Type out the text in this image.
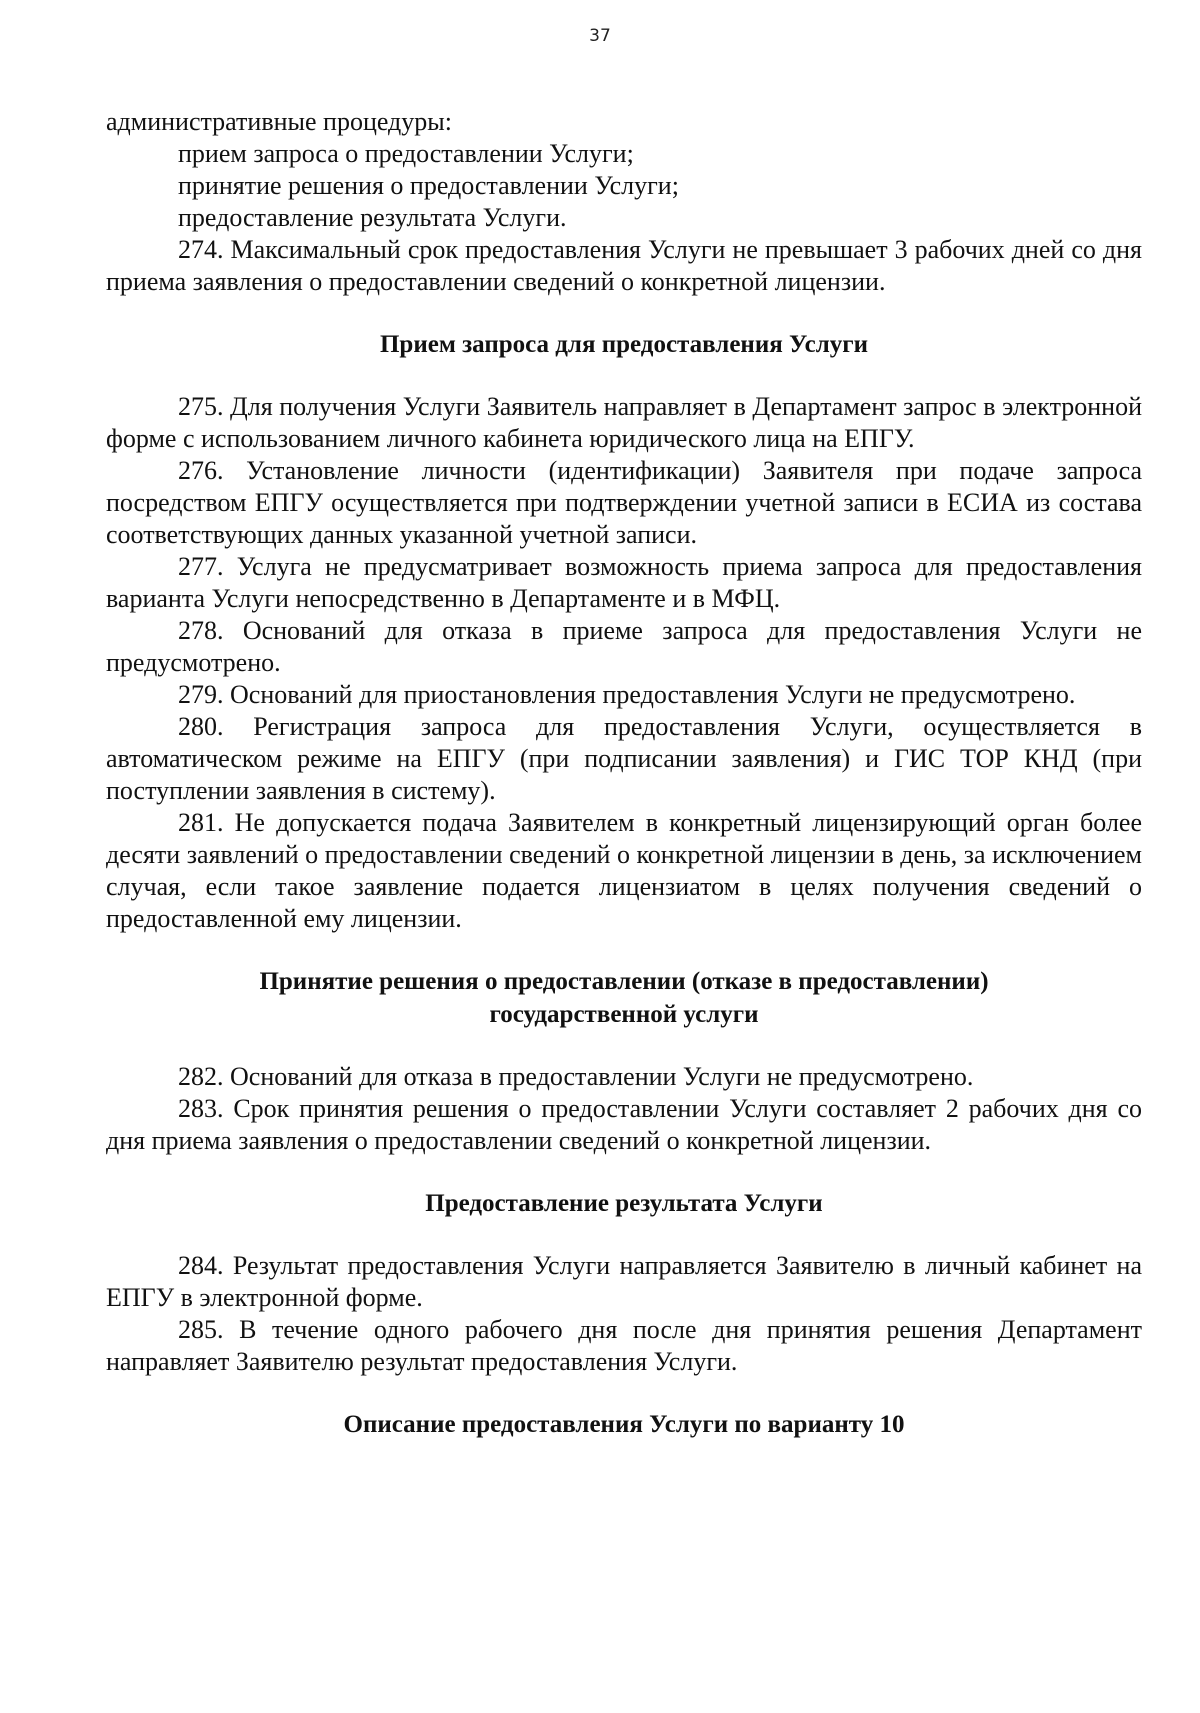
37

административные процедуры:

прием запроса о предоставлении Услуги;

принятие решения о предоставлении Услуги;

предоставление результата Услуги.

274. Максимальный срок предоставления Услуги не превышает 3 рабочих дней со дня приема заявления о предоставлении сведений о конкретной лицензии.

Прием запроса для предоставления Услуги

275. Для получения Услуги Заявитель направляет в Департамент запрос в электронной форме с использованием личного кабинета юридического лица на ЕПГУ.

276. Установление личности (идентификации) Заявителя при подаче запроса посредством ЕПГУ осуществляется при подтверждении учетной записи в ЕСИА из состава соответствующих данных указанной учетной записи.

277. Услуга не предусматривает возможность приема запроса для предоставления варианта Услуги непосредственно в Департаменте и в МФЦ.

278. Оснований для отказа в приеме запроса для предоставления Услуги не предусмотрено.

279. Оснований для приостановления предоставления Услуги не предусмотрено.

280. Регистрация запроса для предоставления Услуги, осуществляется в автоматическом режиме на ЕПГУ (при подписании заявления) и ГИС ТОР КНД (при поступлении заявления в систему).

281. Не допускается подача Заявителем в конкретный лицензирующий орган более десяти заявлений о предоставлении сведений о конкретной лицензии в день, за исключением случая, если такое заявление подается лицензиатом в целях получения сведений о предоставленной ему лицензии.

Принятие решения о предоставлении (отказе в предоставлении)

государственной услуги

282. Оснований для отказа в предоставлении Услуги не предусмотрено.

283. Срок принятия решения о предоставлении Услуги составляет 2 рабочих дня со дня приема заявления о предоставлении сведений о конкретной лицензии.

Предоставление результата Услуги

284. Результат предоставления Услуги направляется Заявителю в личный кабинет на ЕПГУ в электронной форме.

285. В течение одного рабочего дня после дня принятия решения Департамент направляет Заявителю результат предоставления Услуги.

Описание предоставления Услуги по варианту 10
